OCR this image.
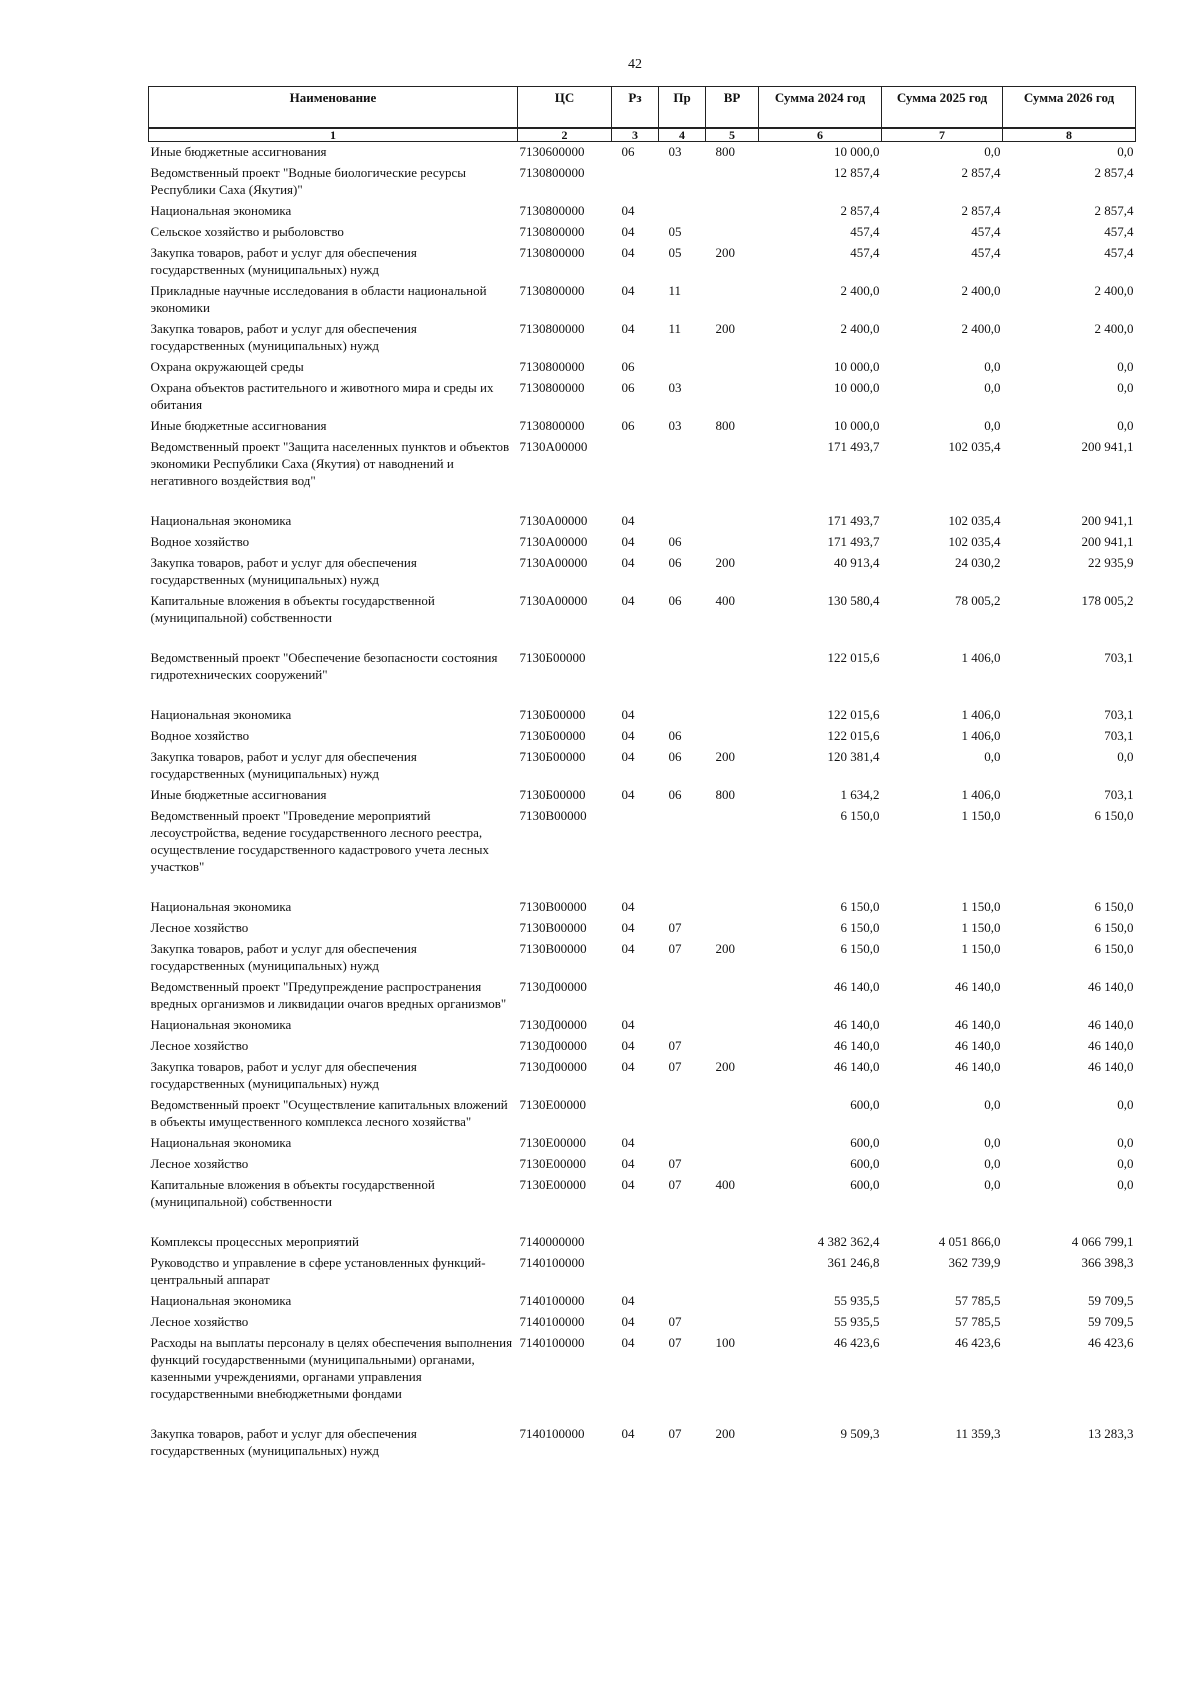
42
Наименование	ЦС	Рз	Пр	ВР	Сумма 2024 год	Сумма 2025 год	Сумма 2026 год
1	2	3	4	5	6	7	8
Иные бюджетные ассигнования	7130600000	06	03	800	10 000,0	0,0	0,0
Ведомственный проект "Водные биологические ресурсы Республики Саха (Якутия)"	7130800000				12 857,4	2 857,4	2 857,4
Национальная экономика	7130800000	04			2 857,4	2 857,4	2 857,4
Сельское хозяйство и рыболовство	7130800000	04	05		457,4	457,4	457,4
Закупка товаров, работ и услуг для обеспечения государственных (муниципальных) нужд	7130800000	04	05	200	457,4	457,4	457,4
Прикладные научные исследования в области национальной экономики	7130800000	04	11		2 400,0	2 400,0	2 400,0
Закупка товаров, работ и услуг для обеспечения государственных (муниципальных) нужд	7130800000	04	11	200	2 400,0	2 400,0	2 400,0
Охрана окружающей среды	7130800000	06			10 000,0	0,0	0,0
Охрана объектов растительного и животного мира и среды их обитания	7130800000	06	03		10 000,0	0,0	0,0
Иные бюджетные ассигнования	7130800000	06	03	800	10 000,0	0,0	0,0
Ведомственный проект "Защита населенных пунктов и объектов экономики Республики Саха (Якутия) от наводнений и негативного воздействия вод"	7130А00000				171 493,7	102 035,4	200 941,1
Национальная экономика	7130А00000	04			171 493,7	102 035,4	200 941,1
Водное хозяйство	7130А00000	04	06		171 493,7	102 035,4	200 941,1
Закупка товаров, работ и услуг для обеспечения государственных (муниципальных) нужд	7130А00000	04	06	200	40 913,4	24 030,2	22 935,9
Капитальные вложения в объекты государственной (муниципальной) собственности	7130А00000	04	06	400	130 580,4	78 005,2	178 005,2
Ведомственный проект "Обеспечение безопасности состояния гидротехнических сооружений"	7130Б00000				122 015,6	1 406,0	703,1
Национальная экономика	7130Б00000	04			122 015,6	1 406,0	703,1
Водное хозяйство	7130Б00000	04	06		122 015,6	1 406,0	703,1
Закупка товаров, работ и услуг для обеспечения государственных (муниципальных) нужд	7130Б00000	04	06	200	120 381,4	0,0	0,0
Иные бюджетные ассигнования	7130Б00000	04	06	800	1 634,2	1 406,0	703,1
Ведомственный проект "Проведение мероприятий лесоустройства, ведение государственного лесного реестра, осуществление государственного кадастрового учета лесных участков"	7130В00000				6 150,0	1 150,0	6 150,0
Национальная экономика	7130В00000	04			6 150,0	1 150,0	6 150,0
Лесное хозяйство	7130В00000	04	07		6 150,0	1 150,0	6 150,0
Закупка товаров, работ и услуг для обеспечения государственных (муниципальных) нужд	7130В00000	04	07	200	6 150,0	1 150,0	6 150,0
Ведомственный проект "Предупреждение распространения вредных организмов и ликвидации очагов вредных организмов"	7130Д00000				46 140,0	46 140,0	46 140,0
Национальная экономика	7130Д00000	04			46 140,0	46 140,0	46 140,0
Лесное хозяйство	7130Д00000	04	07		46 140,0	46 140,0	46 140,0
Закупка товаров, работ и услуг для обеспечения государственных (муниципальных) нужд	7130Д00000	04	07	200	46 140,0	46 140,0	46 140,0
Ведомственный проект "Осуществление капитальных вложений в объекты имущественного комплекса лесного хозяйства"	7130Е00000				600,0	0,0	0,0
Национальная экономика	7130Е00000	04			600,0	0,0	0,0
Лесное хозяйство	7130Е00000	04	07		600,0	0,0	0,0
Капитальные вложения в объекты государственной (муниципальной) собственности	7130Е00000	04	07	400	600,0	0,0	0,0
Комплексы процессных мероприятий	7140000000				4 382 362,4	4 051 866,0	4 066 799,1
Руководство и управление в сфере установленных функций-центральный аппарат	7140100000				361 246,8	362 739,9	366 398,3
Национальная экономика	7140100000	04			55 935,5	57 785,5	59 709,5
Лесное хозяйство	7140100000	04	07		55 935,5	57 785,5	59 709,5
Расходы на выплаты персоналу в целях обеспечения выполнения функций государственными (муниципальными) органами, казенными учреждениями, органами управления государственными внебюджетными фондами	7140100000	04	07	100	46 423,6	46 423,6	46 423,6
Закупка товаров, работ и услуг для обеспечения государственных (муниципальных) нужд	7140100000	04	07	200	9 509,3	11 359,3	13 283,3
